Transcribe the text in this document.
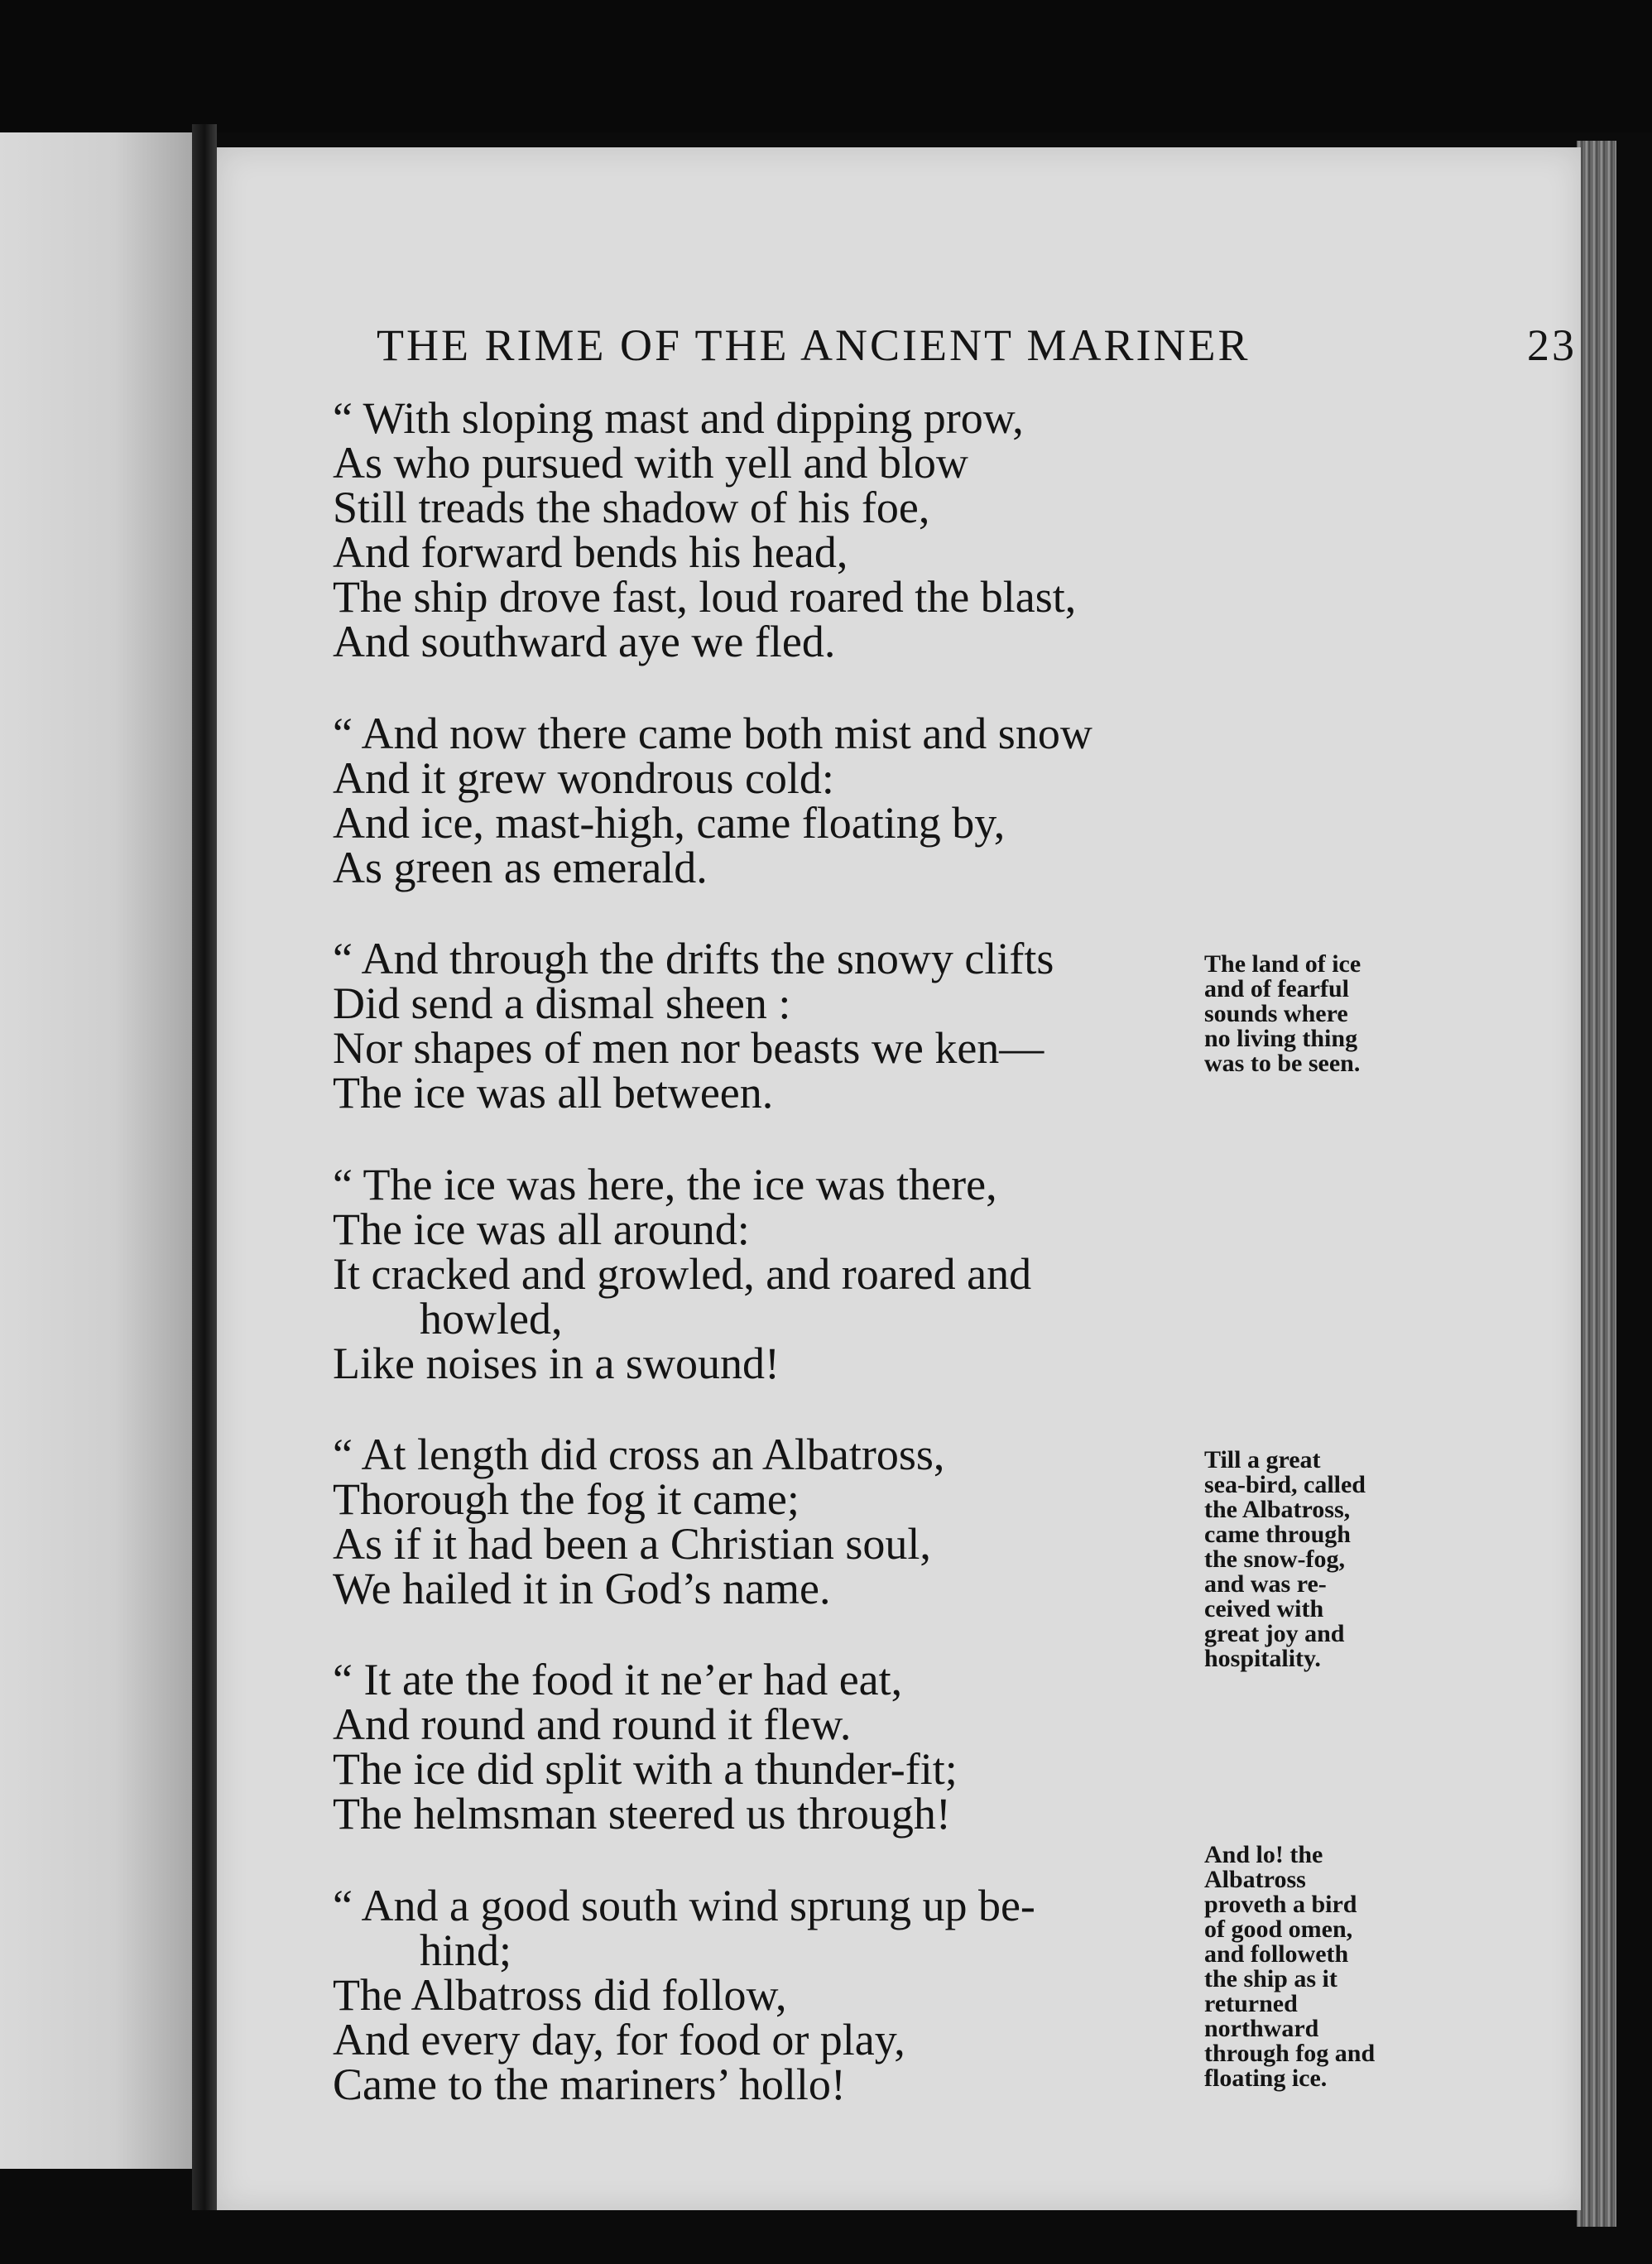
THE RIME OF THE ANCIENT MARINER	23
“ With sloping mast and dipping prow,
As who pursued with yell and blow
Still treads the shadow of his foe,
And forward bends his head,
The ship drove fast, loud roared the blast,
And southward aye we fled.
“ And now there came both mist and snow
And it grew wondrous cold:
And ice, mast-high, came floating by,
As green as emerald.
“ And through the drifts the snowy clifts
Did send a dismal sheen :
Nor shapes of men nor beasts we ken—
The ice was all between.
“ The ice was here, the ice was there,
The ice was all around:
It cracked and growled, and roared and
howled,
Like noises in a swound!
“ At length did cross an Albatross,
Thorough the fog it came;
As if it had been a Christian soul,
We hailed it in God’s name.
“ It ate the food it ne’er had eat,
And round and round it flew.
The ice did split with a thunder-fit;
The helmsman steered us through!
“ And a good south wind sprung up be-
hind;
The Albatross did follow,
And every day, for food or play,
Came to the mariners’ hollo!
The land of ice
and of fearful
sounds where
no living thing
was to be seen.
Till a great
sea-bird, called
the Albatross,
came through
the snow-fog,
and was re-
ceived with
great joy and
hospitality.
And lo! the
Albatross
proveth a bird
of good omen,
and followeth
the ship as it
returned
northward
through fog and
floating ice.
